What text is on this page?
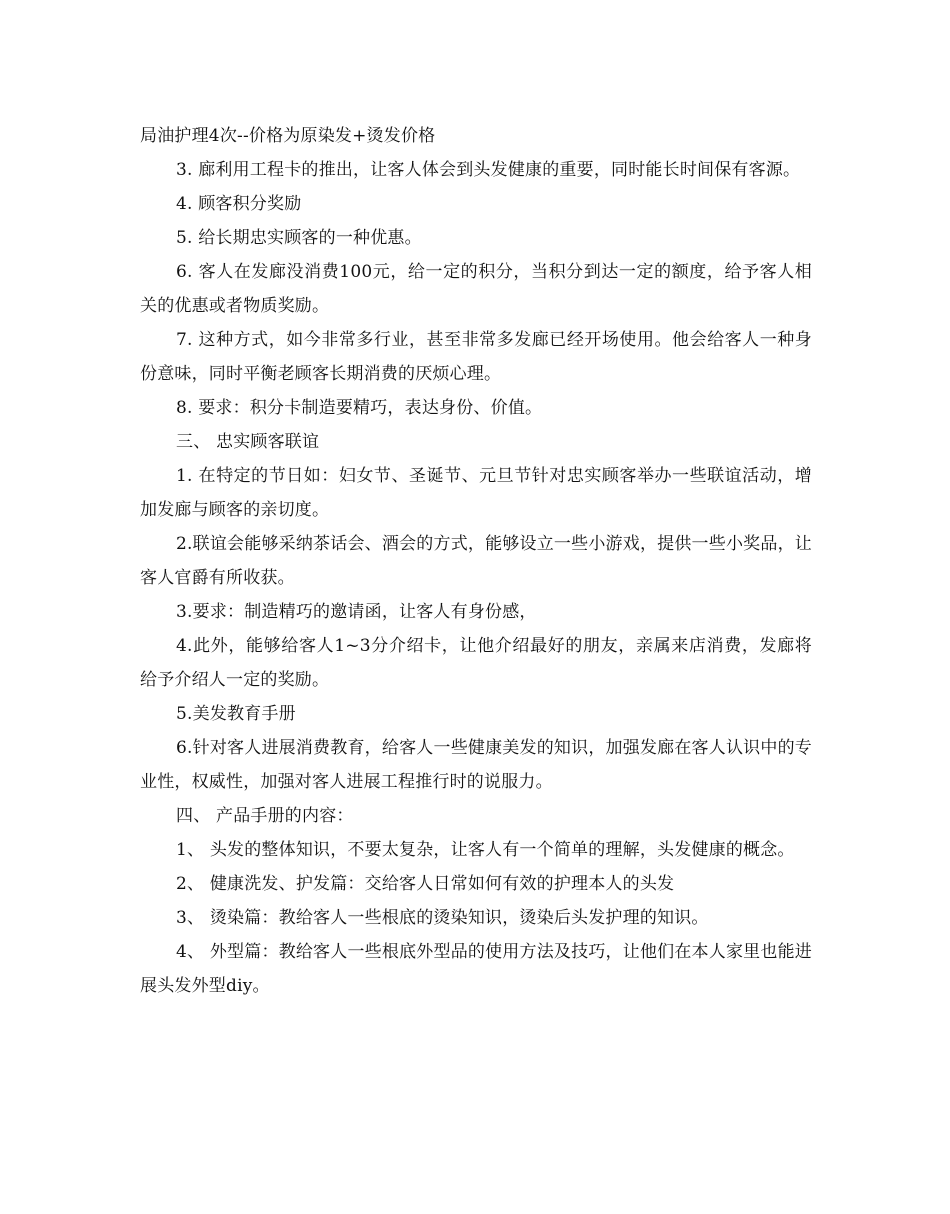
局油护理4次--价格为原染发+烫发价格

3. 廊利用工程卡的推出，让客人体会到头发健康的重要，同时能长时间保有客源。

4. 顾客积分奖励

5. 给长期忠实顾客的一种优惠。

6. 客人在发廊没消费100元，给一定的积分，当积分到达一定的额度，给予客人相关的优惠或者物质奖励。

7. 这种方式，如今非常多行业，甚至非常多发廊已经开场使用。他会给客人一种身份意味，同时平衡老顾客长期消费的厌烦心理。

8. 要求：积分卡制造要精巧，表达身份、价值。

三、 忠实顾客联谊

1. 在特定的节日如：妇女节、圣诞节、元旦节针对忠实顾客举办一些联谊活动，增加发廊与顾客的亲切度。

2.联谊会能够采纳茶话会、酒会的方式，能够设立一些小游戏，提供一些小奖品，让客人官爵有所收获。

3.要求：制造精巧的邀请函，让客人有身份感，

4.此外，能够给客人1~3分介绍卡，让他介绍最好的朋友，亲属来店消费，发廊将给予介绍人一定的奖励。

5.美发教育手册

6.针对客人进展消费教育，给客人一些健康美发的知识，加强发廊在客人认识中的专业性，权威性，加强对客人进展工程推行时的说服力。

四、 产品手册的内容：

1、 头发的整体知识，不要太复杂，让客人有一个简单的理解，头发健康的概念。

2、 健康洗发、护发篇：交给客人日常如何有效的护理本人的头发

3、 烫染篇：教给客人一些根底的烫染知识，烫染后头发护理的知识。

4、 外型篇：教给客人一些根底外型品的使用方法及技巧，让他们在本人家里也能进展头发外型diy。
